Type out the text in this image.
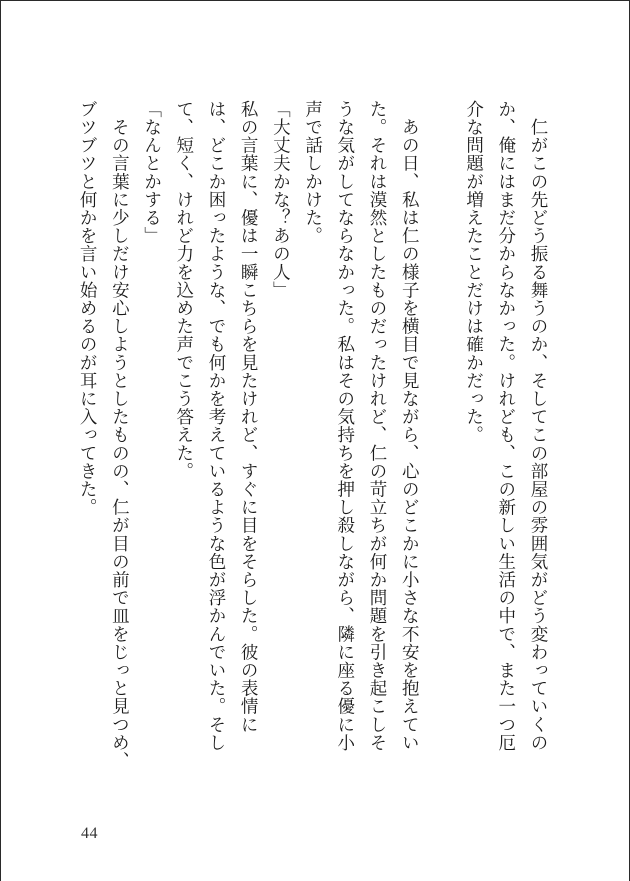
仁がこの先どう振る舞うのか、そしてこの部屋の雰囲気がどう変わっていくの

か、俺にはまだ分からなかった。けれども、この新しい生活の中で、また一つ厄

介な問題が増えたことだけは確かだった。

あの日、私は仁の様子を横目で見ながら、心のどこかに小さな不安を抱えてい

た。それは漠然としたものだったけれど、仁の苛立ちが何か問題を引き起こしそ

うな気がしてならなかった。私はその気持ちを押し殺しながら、隣に座る優に小

声で話しかけた。

「大丈夫かな？あの人」

私の言葉に、優は一瞬こちらを見たけれど、すぐに目をそらした。彼の表情に

は、どこか困ったような、でも何かを考えているような色が浮かんでいた。そし

て、短く、けれど力を込めた声でこう答えた。

「なんとかする」

その言葉に少しだけ安心しようとしたものの、仁が目の前で皿をじっと見つめ、

ブツブツと何かを言い始めるのが耳に入ってきた。

44
